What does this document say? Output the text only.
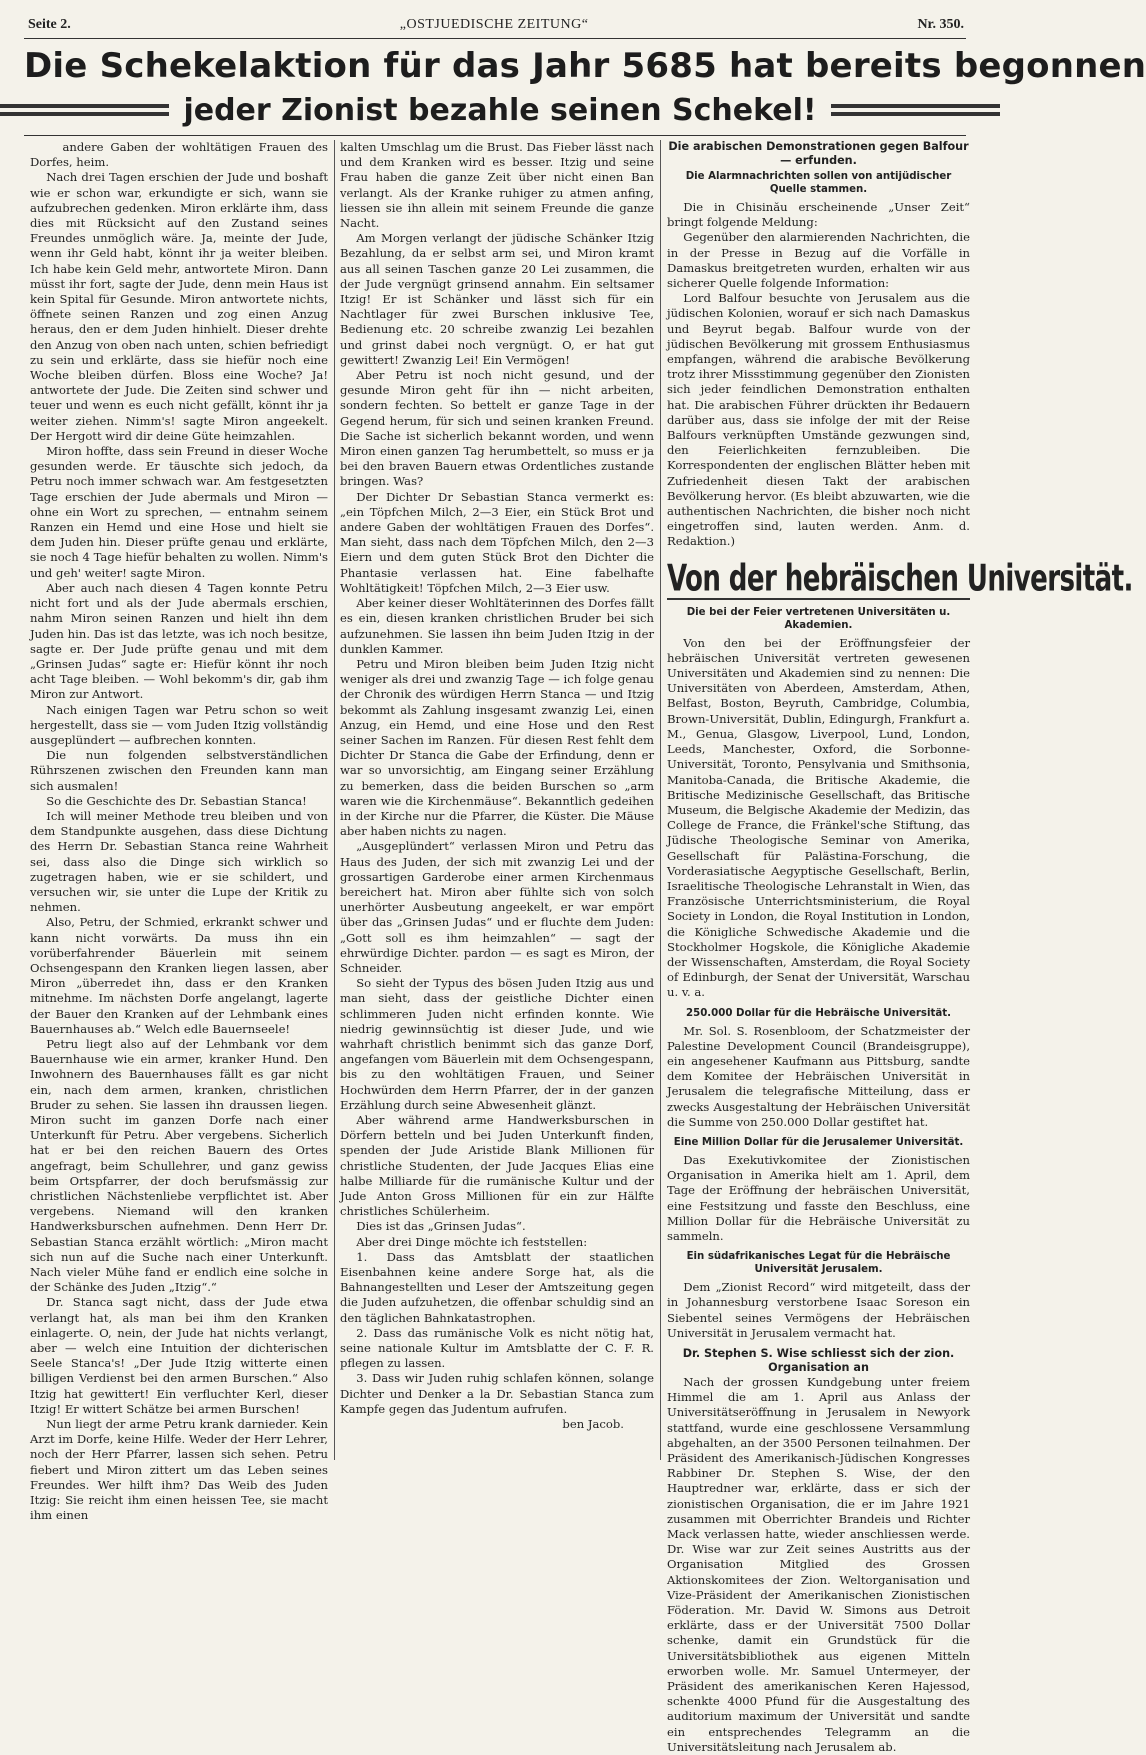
Seite 2.	„OSTJUEDISCHE ZEITUNG“	Nr. 350.
Die Schekelaktion für das Jahr 5685 hat bereits begonnen
jeder Zionist bezahle seinen Schekel!

andere Gaben der wohltätigen Frauen des Dorfes, heim.

Nach drei Tagen erschien der Jude und boshaft wie er schon war, erkundigte er sich, wann sie aufzubrechen gedenken. Miron erklärte ihm, dass dies mit Rücksicht auf den Zustand seines Freundes unmöglich wäre. Ja, meinte der Jude, wenn ihr Geld habt, könnt ihr ja weiter bleiben. Ich habe kein Geld mehr, antwortete Miron. Dann müsst ihr fort, sagte der Jude, denn mein Haus ist kein Spital für Gesunde. Miron antwortete nichts, öffnete seinen Ranzen und zog einen Anzug heraus, den er dem Juden hinhielt. Dieser drehte den Anzug von oben nach unten, schien befriedigt zu sein und erklärte, dass sie hiefür noch eine Woche bleiben dürfen. Bloss eine Woche? Ja! antwortete der Jude. Die Zeiten sind schwer und teuer und wenn es euch nicht gefällt, könnt ihr ja weiter ziehen. Nimm's! sagte Miron angeekelt. Der Hergott wird dir deine Güte heimzahlen.

Miron hoffte, dass sein Freund in dieser Woche gesunden werde. Er täuschte sich jedoch, da Petru noch immer schwach war. Am festgesetzten Tage erschien der Jude abermals und Miron — ohne ein Wort zu sprechen, — entnahm seinem Ranzen ein Hemd und eine Hose und hielt sie dem Juden hin. Dieser prüfte genau und erklärte, sie noch 4 Tage hiefür behalten zu wollen. Nimm's und geh' weiter! sagte Miron.

Aber auch nach diesen 4 Tagen konnte Petru nicht fort und als der Jude abermals erschien, nahm Miron seinen Ranzen und hielt ihn dem Juden hin. Das ist das letzte, was ich noch besitze, sagte er. Der Jude prüfte genau und mit dem „Grinsen Judas“ sagte er: Hiefür könnt ihr noch acht Tage bleiben. — Wohl bekomm's dir, gab ihm Miron zur Antwort.

Nach einigen Tagen war Petru schon so weit hergestellt, dass sie — vom Juden Itzig vollständig ausgeplündert — aufbrechen konnten.

Die nun folgenden selbstverständlichen Rührszenen zwischen den Freunden kann man sich ausmalen!

So die Geschichte des Dr. Sebastian Stanca!

Ich will meiner Methode treu bleiben und von dem Standpunkte ausgehen, dass diese Dichtung des Herrn Dr. Sebastian Stanca reine Wahrheit sei, dass also die Dinge sich wirklich so zugetragen haben, wie er sie schildert, und versuchen wir, sie unter die Lupe der Kritik zu nehmen.

Also, Petru, der Schmied, erkrankt schwer und kann nicht vorwärts. Da muss ihn ein vorüberfahrender Bäuerlein mit seinem Ochsengespann den Kranken liegen lassen, aber Miron „überredet ihn, dass er den Kranken mitnehme. Im nächsten Dorfe angelangt, lagerte der Bauer den Kranken auf der Lehmbank eines Bauernhauses ab.“ Welch edle Bauernseele!

Petru liegt also auf der Lehmbank vor dem Bauernhause wie ein armer, kranker Hund. Den Inwohnern des Bauernhauses fällt es gar nicht ein, nach dem armen, kranken, christlichen Bruder zu sehen. Sie lassen ihn draussen liegen. Miron sucht im ganzen Dorfe nach einer Unterkunft für Petru. Aber vergebens. Sicherlich hat er bei den reichen Bauern des Ortes angefragt, beim Schullehrer, und ganz gewiss beim Ortspfarrer, der doch berufsmässig zur christlichen Nächstenliebe verpflichtet ist. Aber vergebens. Niemand will den kranken Handwerksburschen aufnehmen. Denn Herr Dr. Sebastian Stanca erzählt wörtlich: „Miron macht sich nun auf die Suche nach einer Unterkunft. Nach vieler Mühe fand er endlich eine solche in der Schänke des Juden „Itzig“.“

Dr. Stanca sagt nicht, dass der Jude etwa verlangt hat, als man bei ihm den Kranken einlagerte. O, nein, der Jude hat nichts verlangt, aber — welch eine Intuition der dichterischen Seele Stanca's! „Der Jude Itzig witterte einen billigen Verdienst bei den armen Burschen.“ Also Itzig hat gewittert! Ein verfluchter Kerl, dieser Itzig! Er wittert Schätze bei armen Burschen!

Nun liegt der arme Petru krank darnieder. Kein Arzt im Dorfe, keine Hilfe. Weder der Herr Lehrer, noch der Herr Pfarrer, lassen sich sehen. Petru fiebert und Miron zittert um das Leben seines Freundes. Wer hilft ihm? Das Weib des Juden Itzig: Sie reicht ihm einen heissen Tee, sie macht ihm einen

kalten Umschlag um die Brust. Das Fieber lässt nach und dem Kranken wird es besser. Itzig und seine Frau haben die ganze Zeit über nicht einen Ban verlangt. Als der Kranke ruhiger zu atmen anfing, liessen sie ihn allein mit seinem Freunde die ganze Nacht.

Am Morgen verlangt der jüdische Schänker Itzig Bezahlung, da er selbst arm sei, und Miron kramt aus all seinen Taschen ganze 20 Lei zusammen, die der Jude vergnügt grinsend annahm. Ein seltsamer Itzig! Er ist Schänker und lässt sich für ein Nachtlager für zwei Burschen inklusive Tee, Bedienung etc. 20 schreibe zwanzig Lei bezahlen und grinst dabei noch vergnügt. O, er hat gut gewittert! Zwanzig Lei! Ein Vermögen!

Aber Petru ist noch nicht gesund, und der gesunde Miron geht für ihn — nicht arbeiten, sondern fechten. So bettelt er ganze Tage in der Gegend herum, für sich und seinen kranken Freund. Die Sache ist sicherlich bekannt worden, und wenn Miron einen ganzen Tag herumbettelt, so muss er ja bei den braven Bauern etwas Ordentliches zustande bringen. Was?

Der Dichter Dr Sebastian Stanca vermerkt es: „ein Töpfchen Milch, 2—3 Eier, ein Stück Brot und andere Gaben der wohltätigen Frauen des Dorfes“. Man sieht, dass nach dem Töpfchen Milch, den 2—3 Eiern und dem guten Stück Brot den Dichter die Phantasie verlassen hat. Eine fabelhafte Wohltätigkeit! Töpfchen Milch, 2—3 Eier usw.

Aber keiner dieser Wohltäterinnen des Dorfes fällt es ein, diesen kranken christlichen Bruder bei sich aufzunehmen. Sie lassen ihn beim Juden Itzig in der dunklen Kammer.

Petru und Miron bleiben beim Juden Itzig nicht weniger als drei und zwanzig Tage — ich folge genau der Chronik des würdigen Herrn Stanca — und Itzig bekommt als Zahlung insgesamt zwanzig Lei, einen Anzug, ein Hemd, und eine Hose und den Rest seiner Sachen im Ranzen. Für diesen Rest fehlt dem Dichter Dr Stanca die Gabe der Erfindung, denn er war so unvorsichtig, am Eingang seiner Erzählung zu bemerken, dass die beiden Burschen so „arm waren wie die Kirchenmäuse“. Bekanntlich gedeihen in der Kirche nur die Pfarrer, die Küster. Die Mäuse aber haben nichts zu nagen.

„Ausgeplündert“ verlassen Miron und Petru das Haus des Juden, der sich mit zwanzig Lei und der grossartigen Garderobe einer armen Kirchenmaus bereichert hat. Miron aber fühlte sich von solch unerhörter Ausbeutung angeekelt, er war empört über das „Grinsen Judas“ und er fluchte dem Juden: „Gott soll es ihm heimzahlen“ — sagt der ehrwürdige Dichter. pardon — es sagt es Miron, der Schneider.

So sieht der Typus des bösen Juden Itzig aus und man sieht, dass der geistliche Dichter einen schlimmeren Juden nicht erfinden konnte. Wie niedrig gewinnsüchtig ist dieser Jude, und wie wahrhaft christlich benimmt sich das ganze Dorf, angefangen vom Bäuerlein mit dem Ochsengespann, bis zu den wohltätigen Frauen, und Seiner Hochwürden dem Herrn Pfarrer, der in der ganzen Erzählung durch seine Abwesenheit glänzt.

Aber während arme Handwerksburschen in Dörfern betteln und bei Juden Unterkunft finden, spenden der Jude Aristide Blank Millionen für christliche Studenten, der Jude Jacques Elias eine halbe Milliarde für die rumänische Kultur und der Jude Anton Gross Millionen für ein zur Hälfte christliches Schülerheim.

Dies ist das „Grinsen Judas“.

Aber drei Dinge möchte ich feststellen:

1. Dass das Amtsblatt der staatlichen Eisenbahnen keine andere Sorge hat, als die Bahnangestellten und Leser der Amtszeitung gegen die Juden aufzuhetzen, die offenbar schuldig sind an den täglichen Bahnkatastrophen.

2. Dass das rumänische Volk es nicht nötig hat, seine nationale Kultur im Amtsblatte der C. F. R. pflegen zu lassen.

3. Dass wir Juden ruhig schlafen können, solange Dichter und Denker a la Dr. Sebastian Stanca zum Kampfe gegen das Judentum aufrufen.

ben Jacob.

Die arabischen Demonstrationen gegen Balfour — erfunden.
Die Alarmnachrichten sollen von antijüdischer Quelle stammen.

Die in Chisinău erscheinende „Unser Zeit“ bringt folgende Meldung:

Gegenüber den alarmierenden Nachrichten, die in der Presse in Bezug auf die Vorfälle in Damaskus breitgetreten wurden, erhalten wir aus sicherer Quelle folgende Information:

Lord Balfour besuchte von Jerusalem aus die jüdischen Kolonien, worauf er sich nach Damaskus und Beyrut begab. Balfour wurde von der jüdischen Bevölkerung mit grossem Enthusiasmus empfangen, während die arabische Bevölkerung trotz ihrer Missstimmung gegenüber den Zionisten sich jeder feindlichen Demonstration enthalten hat. Die arabischen Führer drückten ihr Bedauern darüber aus, dass sie infolge der mit der Reise Balfours verknüpften Umstände gezwungen sind, den Feierlichkeiten fernzubleiben. Die Korrespondenten der englischen Blätter heben mit Zufriedenheit diesen Takt der arabischen Bevölkerung hervor. (Es bleibt abzuwarten, wie die authentischen Nachrichten, die bisher noch nicht eingetroffen sind, lauten werden. Anm. d. Redaktion.)

Von der hebräischen Universität.
Die bei der Feier vertretenen Universitäten u. Akademien.

Von den bei der Eröffnungsfeier der hebräischen Universität vertreten gewesenen Universitäten und Akademien sind zu nennen: Die Universitäten von Aberdeen, Amsterdam, Athen, Belfast, Boston, Beyruth, Cambridge, Columbia, Brown-Universität, Dublin, Edingurgh, Frankfurt a. M., Genua, Glasgow, Liverpool, Lund, London, Leeds, Manchester, Oxford, die Sorbonne-Universität, Toronto, Pensylvania und Smithsonia, Manitoba-Canada, die Britische Akademie, die Britische Medizinische Gesellschaft, das Britische Museum, die Belgische Akademie der Medizin, das College de France, die Fränkel'sche Stiftung, das Jüdische Theologische Seminar von Amerika, Gesellschaft für Palästina-Forschung, die Vorderasiatische Aegyptische Gesellschaft, Berlin, Israelitische Theologische Lehranstalt in Wien, das Französische Unterrichtsministerium, die Royal Society in London, die Royal Institution in London, die Königliche Schwedische Akademie und die Stockholmer Hogskole, die Königliche Akademie der Wissenschaften, Amsterdam, die Royal Society of Edinburgh, der Senat der Universität, Warschau u. v. a.

250.000 Dollar für die Hebräische Universität.

Mr. Sol. S. Rosenbloom, der Schatzmeister der Palestine Development Council (Brandeisgruppe), ein angesehener Kaufmann aus Pittsburg, sandte dem Komitee der Hebräischen Universität in Jerusalem die telegrafische Mitteilung, dass er zwecks Ausgestaltung der Hebräischen Universität die Summe von 250.000 Dollar gestiftet hat.

Eine Million Dollar für die Jerusalemer Universität.

Das Exekutivkomitee der Zionistischen Organisation in Amerika hielt am 1. April, dem Tage der Eröffnung der hebräischen Universität, eine Festsitzung und fasste den Beschluss, eine Million Dollar für die Hebräische Universität zu sammeln.

Ein südafrikanisches Legat für die Hebräische Universität Jerusalem.

Dem „Zionist Record“ wird mitgeteilt, dass der in Johannesburg verstorbene Isaac Soreson ein Siebentel seines Vermögens der Hebräischen Universität in Jerusalem vermacht hat.

Dr. Stephen S. Wise schliesst sich der zion. Organisation an

Nach der grossen Kundgebung unter freiem Himmel die am 1. April aus Anlass der Universitätseröffnung in Jerusalem in Newyork stattfand, wurde eine geschlossene Versammlung abgehalten, an der 3500 Personen teilnahmen. Der Präsident des Amerikanisch-Jüdischen Kongresses Rabbiner Dr. Stephen S. Wise, der den Hauptredner war, erklärte, dass er sich der zionistischen Organisation, die er im Jahre 1921 zusammen mit Oberrichter Brandeis und Richter Mack verlassen hatte, wieder anschliessen werde. Dr. Wise war zur Zeit seines Austritts aus der Organisation Mitglied des Grossen Aktionskomitees der Zion. Weltorganisation und Vize-Präsident der Amerikanischen Zionistischen Föderation. Mr. David W. Simons aus Detroit erklärte, dass er der Universität 7500 Dollar schenke, damit ein Grundstück für die Universitätsbibliothek aus eigenen Mitteln erworben wolle. Mr. Samuel Untermeyer, der Präsident des amerikanischen Keren Hajessod, schenkte 4000 Pfund für die Ausgestaltung des auditorium maximum der Universität und sandte ein entsprechendes Telegramm an die Universitätsleitung nach Jerusalem ab.
